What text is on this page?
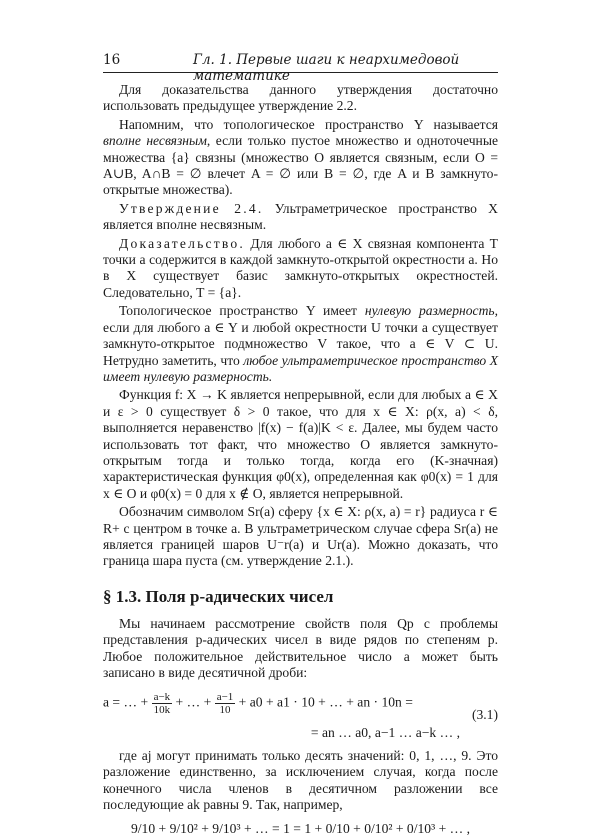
16	Гл. 1. Первые шаги к неархимедовой математике

Для доказательства данного утверждения достаточно использовать предыдущее утверждение 2.2.

Напомним, что топологическое пространство Y называется вполне несвязным, если только пустое множество и одноточечные множества {a} связны (множество O является связным, если O = A∪B, A∩B = ∅ влечет A = ∅ или B = ∅, где A и B замкнуто-открытые множества).

Утверждение 2.4. Ультраметрическое пространство X является вполне несвязным.

Доказательство. Для любого a ∈ X связная компонента T точки a содержится в каждой замкнуто-открытой окрестности a. Но в X существует базис замкнуто-открытых окрестностей. Следовательно, T = {a}.

Топологическое пространство Y имеет нулевую размерность, если для любого a ∈ Y и любой окрестности U точки a существует замкнуто-открытое подмножество V такое, что a ∈ V ⊂ U. Нетрудно заметить, что любое ультраметрическое пространство X имеет нулевую размерность.

Функция f: X → K является непрерывной, если для любых a ∈ X и ε > 0 существует δ > 0 такое, что для x ∈ X: ρ(x, a) < δ, выполняется неравенство |f(x) − f(a)|K < ε. Далее, мы будем часто использовать тот факт, что множество O является замкнуто-открытым тогда и только тогда, когда его (K-значная) характеристическая функция φ0(x), определенная как φ0(x) = 1 для x ∈ O и φ0(x) = 0 для x ∉ O, является непрерывной.

Обозначим символом Sr(a) сферу {x ∈ X: ρ(x, a) = r} радиуса r ∈ R+ с центром в точке a. В ультраметрическом случае сфера Sr(a) не является границей шаров U⁻r(a) и Ur(a). Можно доказать, что граница шара пуста (см. утверждение 2.1.).

§ 1.3. Поля p-адических чисел

Мы начинаем рассмотрение свойств поля Qp с проблемы представления p-адических чисел в виде рядов по степеням p. Любое положительное действительное число a может быть записано в виде десятичной дроби:

a = … + $\frac{a-k}{10k}$ + … + $\frac{a-1}{10} + a0 + a1 \cdot 10$ + … + an · 10n =
(3.1)
= an … a0, a−1 … a−k … ,

где aj могут принимать только десять значений: 0, 1, …, 9. Это разложение единственно, за исключением случая, когда после конечного числа членов в десятичном разложении все последующие ak равны 9. Так, например,

9/10 + 9/10² + 9/10³ + … = 1 = 1 + 0/10 + 0/10² + 0/10³ + … ,
